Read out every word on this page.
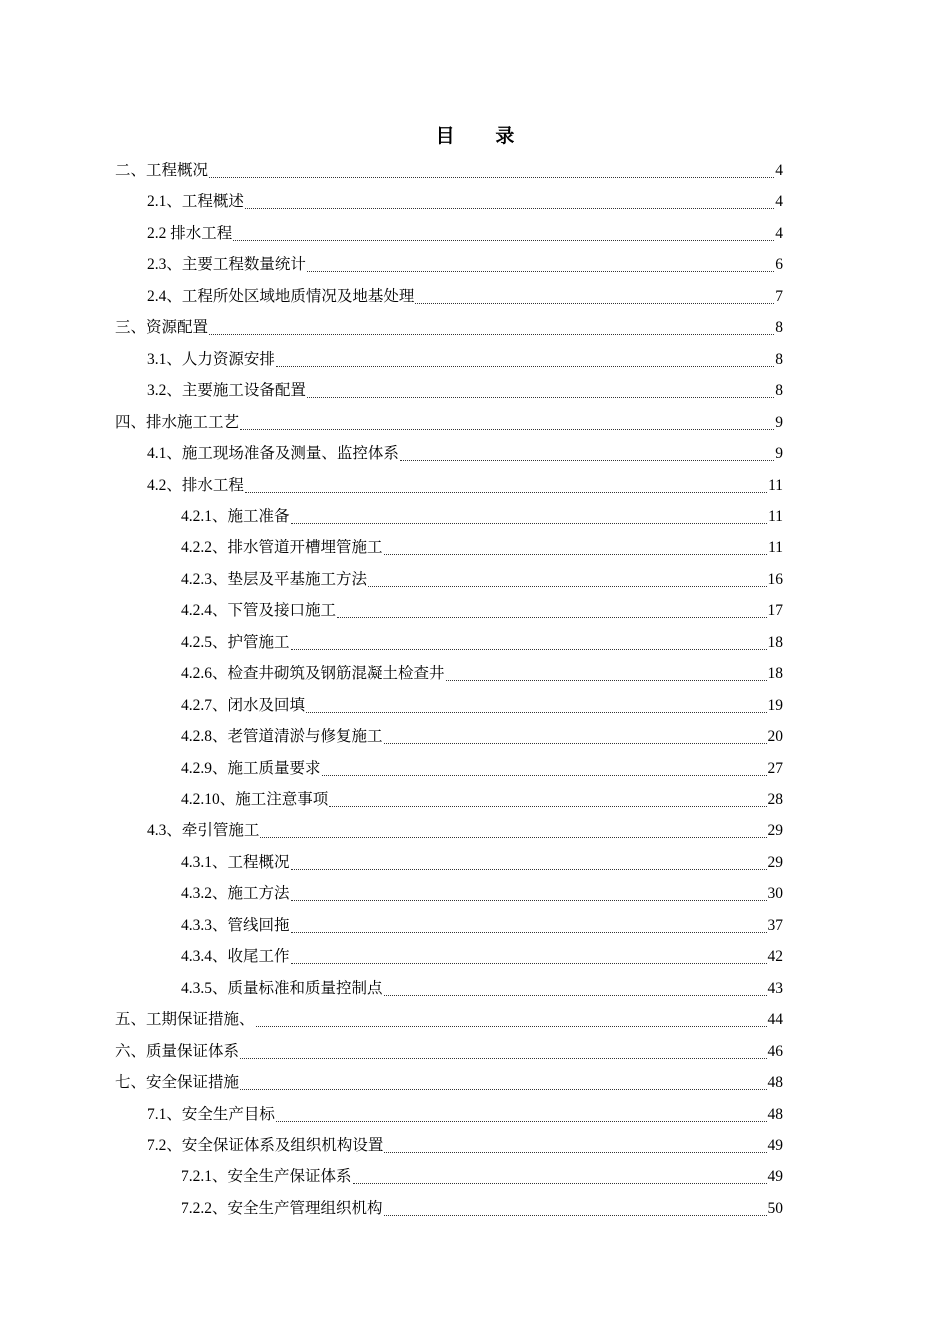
目 录
二、工程概况	4
2.1、工程概述	4
2.2 排水工程	4
2.3、主要工程数量统计	6
2.4、工程所处区域地质情况及地基处理	7
三、资源配置	8
3.1、人力资源安排	8
3.2、主要施工设备配置	8
四、排水施工工艺	9
4.1、施工现场准备及测量、监控体系	9
4.2、排水工程	11
4.2.1、施工准备	11
4.2.2、排水管道开槽埋管施工	11
4.2.3、垫层及平基施工方法	16
4.2.4、下管及接口施工	17
4.2.5、护管施工	18
4.2.6、检查井砌筑及钢筋混凝土检查井	18
4.2.7、闭水及回填	19
4.2.8、老管道清淤与修复施工	20
4.2.9、施工质量要求	27
4.2.10、施工注意事项	28
4.3、牵引管施工	29
4.3.1、工程概况	29
4.3.2、施工方法	30
4.3.3、管线回拖	37
4.3.4、收尾工作	42
4.3.5、质量标准和质量控制点	43
五、工期保证措施、	44
六、质量保证体系	46
七、安全保证措施	48
7.1、安全生产目标	48
7.2、安全保证体系及组织机构设置	49
7.2.1、安全生产保证体系	49
7.2.2、安全生产管理组织机构	50
